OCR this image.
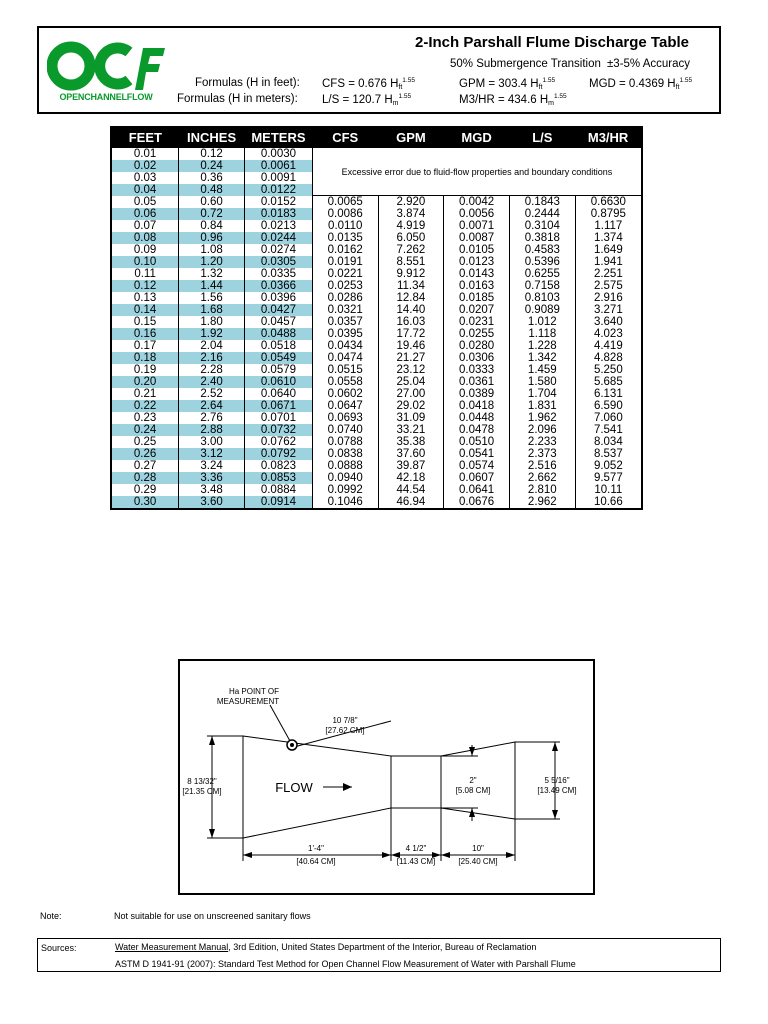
OPENCHANNELFLOW
2-Inch Parshall Flume Discharge Table
50% Submergence Transition ±3-5% Accuracy
Formulas (H in feet):
Formulas (H in meters):
CFS = 0.676 $H_{ft}^{1.55}$	GPM = 303.4 $H_{ft}^{1.55}$	MGD = 0.4369 $H_{ft}^{1.55}$
L/S = 120.7 $H_m^{1.55}$	M3/HR = 434.6 $H_m^{1.55}$
FEET	INCHES	METERS	CFS	GPM	MGD	L/S	M3/HR
0.01	0.12	0.0030	Excessive error due to fluid-flow properties and boundary conditions				
0.02	0.24	0.0061					
0.03	0.36	0.0091					
0.04	0.48	0.0122					
0.05	0.60	0.0152	0.0065	2.920	0.0042	0.1843	0.6630
0.06	0.72	0.0183	0.0086	3.874	0.0056	0.2444	0.8795
0.07	0.84	0.0213	0.0110	4.919	0.0071	0.3104	1.117
0.08	0.96	0.0244	0.0135	6.050	0.0087	0.3818	1.374
0.09	1.08	0.0274	0.0162	7.262	0.0105	0.4583	1.649
0.10	1.20	0.0305	0.0191	8.551	0.0123	0.5396	1.941
0.11	1.32	0.0335	0.0221	9.912	0.0143	0.6255	2.251
0.12	1.44	0.0366	0.0253	11.34	0.0163	0.7158	2.575
0.13	1.56	0.0396	0.0286	12.84	0.0185	0.8103	2.916
0.14	1.68	0.0427	0.0321	14.40	0.0207	0.9089	3.271
0.15	1.80	0.0457	0.0357	16.03	0.0231	1.012	3.640
0.16	1.92	0.0488	0.0395	17.72	0.0255	1.118	4.023
0.17	2.04	0.0518	0.0434	19.46	0.0280	1.228	4.419
0.18	2.16	0.0549	0.0474	21.27	0.0306	1.342	4.828
0.19	2.28	0.0579	0.0515	23.12	0.0333	1.459	5.250
0.20	2.40	0.0610	0.0558	25.04	0.0361	1.580	5.685
0.21	2.52	0.0640	0.0602	27.00	0.0389	1.704	6.131
0.22	2.64	0.0671	0.0647	29.02	0.0418	1.831	6.590
0.23	2.76	0.0701	0.0693	31.09	0.0448	1.962	7.060
0.24	2.88	0.0732	0.0740	33.21	0.0478	2.096	7.541
0.25	3.00	0.0762	0.0788	35.38	0.0510	2.233	8.034
0.26	3.12	0.0792	0.0838	37.60	0.0541	2.373	8.537
0.27	3.24	0.0823	0.0888	39.87	0.0574	2.516	9.052
0.28	3.36	0.0853	0.0940	42.18	0.0607	2.662	9.577
0.29	3.48	0.0884	0.0992	44.54	0.0641	2.810	10.11
0.30	3.60	0.0914	0.1046	46.94	0.0676	2.962	10.66
Ha POINT OF
MEASUREMENT
10 7/8"
[27.62 CM]
FLOW
8 13/32"
[21.35 CM]
2"
[5.08 CM]
5 5/16"
[13.49 CM]
1'-4"
[40.64 CM]
4 1/2"
[11.43 CM]
10"
[25.40 CM]
Note:	Not suitable for use on unscreened sanitary flows
Sources:	Water Measurement Manual, 3rd Edition, United States Department of the Interior, Bureau of Reclamation
ASTM D 1941-91 (2007): Standard Test Method for Open Channel Flow Measurement of Water with Parshall Flume
